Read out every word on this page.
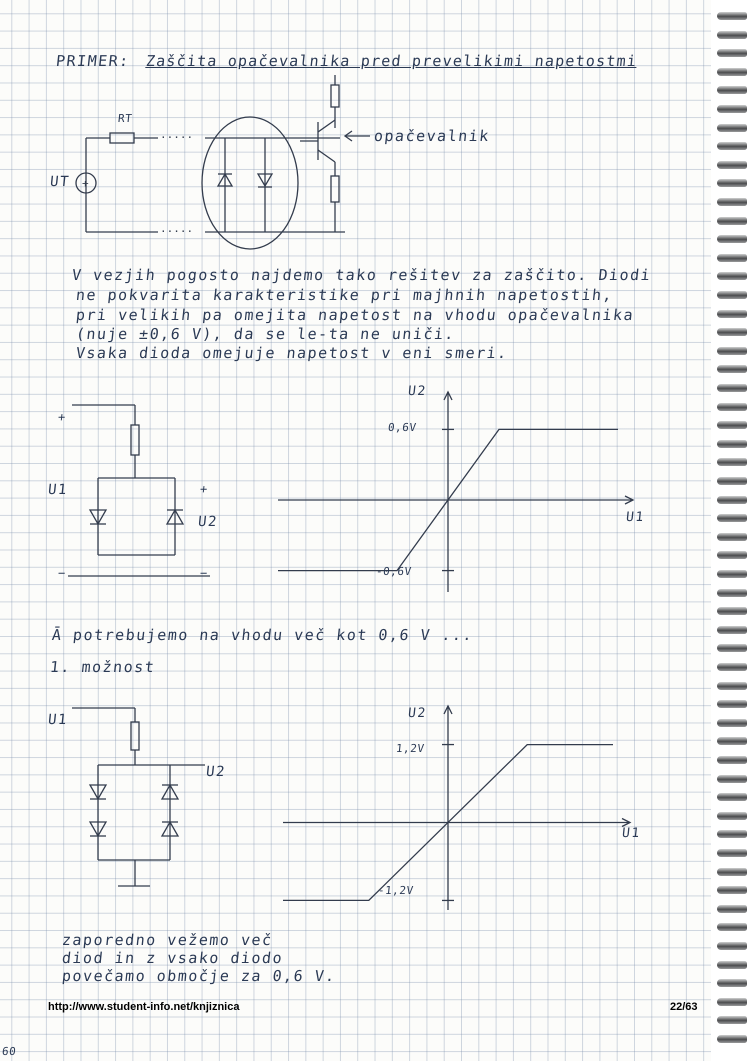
PRIMER: Zaščita opačevalnika pred prevelikimi napetostmi
+
·····
·····
RT
UT
opačevalnik
V vezjih pogosto najdemo tako rešitev za zaščito. Diodi
ne pokvarita karakteristike pri majhnih napetostih,
pri velikih pa omejita napetost na vhodu opačevalnika
(nuje ±0,6 V), da se le-ta ne uniči.
Vsaka dioda omejuje napetost v eni smeri.
+
+
U1
U2
−	−
U2
U1
0,6V
-0,6V
Ā potrebujemo na vhodu več kot 0,6 V ...
1. možnost
U1
U2
U2
U1
1,2V
-1,2V
zaporedno vežemo več
diod in z vsako diodo
povečamo območje za 0,6 V.
http://www.student-info.net/knjiznica	22/63
60
